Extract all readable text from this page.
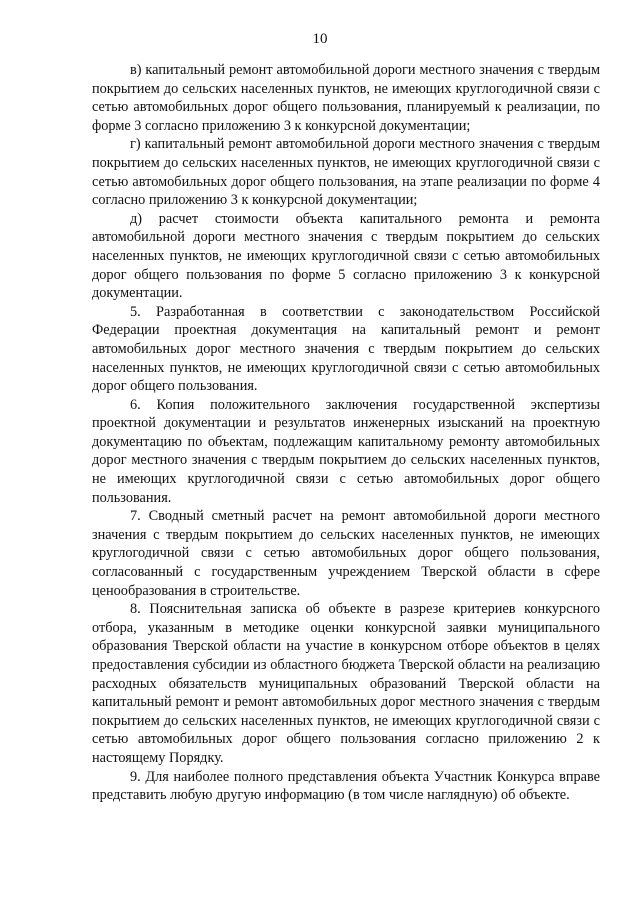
10

в) капитальный ремонт автомобильной дороги местного значения с твердым покрытием до сельских населенных пунктов, не имеющих круглогодичной связи с сетью автомобильных дорог общего пользования, планируемый к реализации, по форме 3 согласно приложению 3 к конкурсной документации;

г) капитальный ремонт автомобильной дороги местного значения с твердым покрытием до сельских населенных пунктов, не имеющих круглогодичной связи с сетью автомобильных дорог общего пользования, на этапе реализации по форме 4 согласно приложению 3 к конкурсной документации;

д) расчет стоимости объекта капитального ремонта и ремонта автомобильной дороги местного значения с твердым покрытием до сельских населенных пунктов, не имеющих круглогодичной связи с сетью автомобильных дорог общего пользования по форме 5 согласно приложению 3 к конкурсной документации.

5. Разработанная в соответствии с законодательством Российской Федерации проектная документация на капитальный ремонт и ремонт автомобильных дорог местного значения с твердым покрытием до сельских населенных пунктов, не имеющих круглогодичной связи с сетью автомобильных дорог общего пользования.

6. Копия положительного заключения государственной экспертизы проектной документации и результатов инженерных изысканий на проектную документацию по объектам, подлежащим капитальному ремонту автомобильных дорог местного значения с твердым покрытием до сельских населенных пунктов, не имеющих круглогодичной связи с сетью автомобильных дорог общего пользования.

7. Сводный сметный расчет на ремонт автомобильной дороги местного значения с твердым покрытием до сельских населенных пунктов, не имеющих круглогодичной связи с сетью автомобильных дорог общего пользования, согласованный с государственным учреждением Тверской области в сфере ценообразования в строительстве.

8. Пояснительная записка об объекте в разрезе критериев конкурсного отбора, указанным в методике оценки конкурсной заявки муниципального образования Тверской области на участие в конкурсном отборе объектов в целях предоставления субсидии из областного бюджета Тверской области на реализацию расходных обязательств муниципальных образований Тверской области на капитальный ремонт и ремонт автомобильных дорог местного значения с твердым покрытием до сельских населенных пунктов, не имеющих круглогодичной связи с сетью автомобильных дорог общего пользования согласно приложению 2 к настоящему Порядку.

9. Для наиболее полного представления объекта Участник Конкурса вправе представить любую другую информацию (в том числе наглядную) об объекте.
